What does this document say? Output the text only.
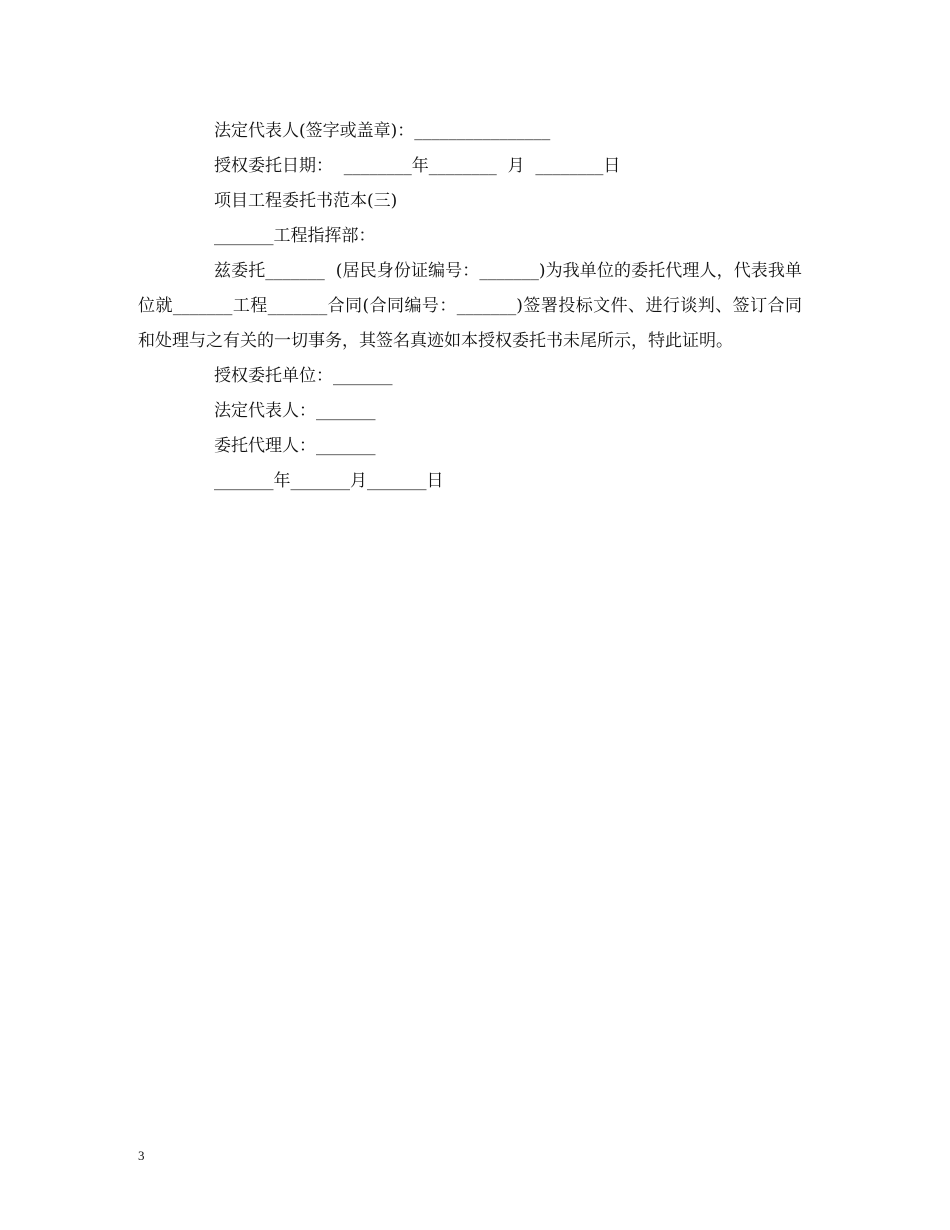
法定代表人(签字或盖章)：________________
授权委托日期：  ________年________  月  ________日
项目工程委托书范本(三)
_______工程指挥部：
兹委托_______  (居民身份证编号：_______)为我单位的委托代理人，代表我单位就_______工程_______合同(合同编号：_______)签署投标文件、进行谈判、签订合同和处理与之有关的一切事务，其签名真迹如本授权委托书未尾所示，特此证明。
授权委托单位：_______
法定代表人：_______
委托代理人：_______
_______年_______月_______日
3
